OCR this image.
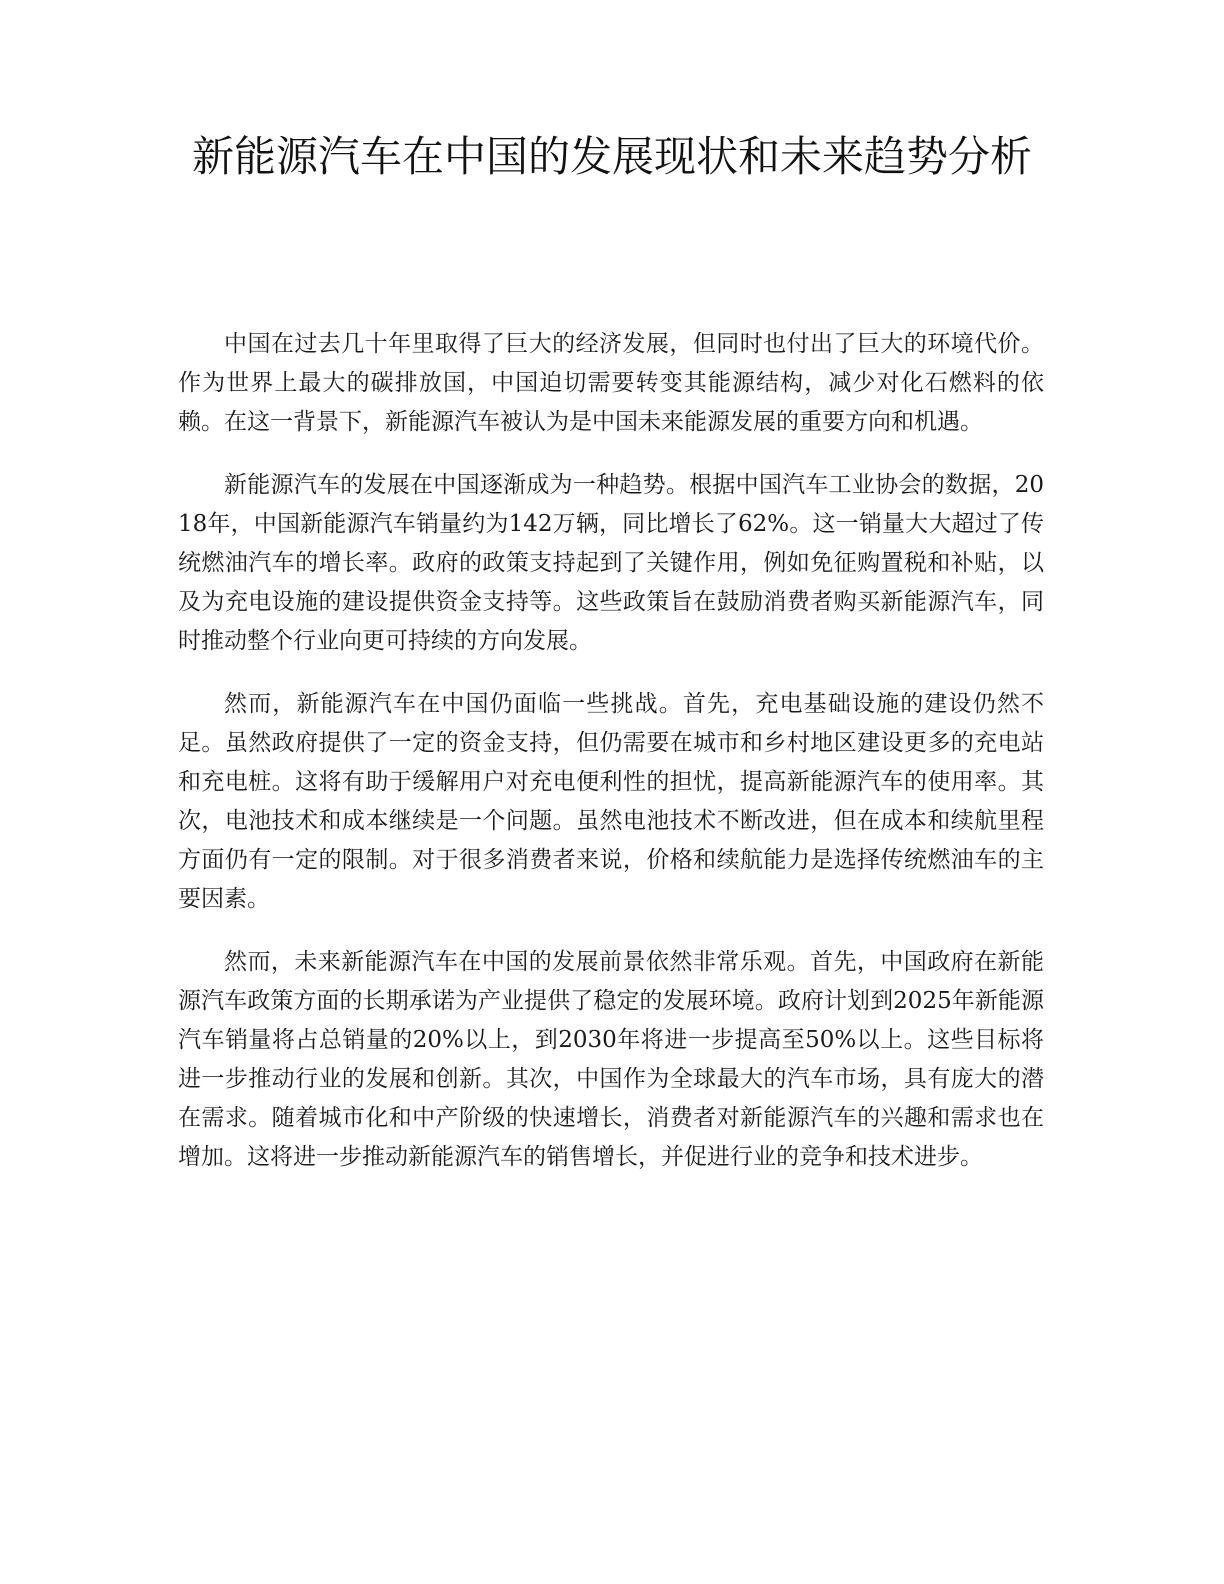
新能源汽车在中国的发展现状和未来趋势分析

中国在过去几十年里取得了巨大的经济发展，但同时也付出了巨大的环境代价。作为世界上最大的碳排放国，中国迫切需要转变其能源结构，减少对化石燃料的依赖。在这一背景下，新能源汽车被认为是中国未来能源发展的重要方向和机遇。

新能源汽车的发展在中国逐渐成为一种趋势。根据中国汽车工业协会的数据，2018年，中国新能源汽车销量约为142万辆，同比增长了62%。这一销量大大超过了传统燃油汽车的增长率。政府的政策支持起到了关键作用，例如免征购置税和补贴，以及为充电设施的建设提供资金支持等。这些政策旨在鼓励消费者购买新能源汽车，同时推动整个行业向更可持续的方向发展。

然而，新能源汽车在中国仍面临一些挑战。首先，充电基础设施的建设仍然不足。虽然政府提供了一定的资金支持，但仍需要在城市和乡村地区建设更多的充电站和充电桩。这将有助于缓解用户对充电便利性的担忧，提高新能源汽车的使用率。其次，电池技术和成本继续是一个问题。虽然电池技术不断改进，但在成本和续航里程方面仍有一定的限制。对于很多消费者来说，价格和续航能力是选择传统燃油车的主要因素。

然而，未来新能源汽车在中国的发展前景依然非常乐观。首先，中国政府在新能源汽车政策方面的长期承诺为产业提供了稳定的发展环境。政府计划到2025年新能源汽车销量将占总销量的20%以上，到2030年将进一步提高至50%以上。这些目标将进一步推动行业的发展和创新。其次，中国作为全球最大的汽车市场，具有庞大的潜在需求。随着城市化和中产阶级的快速增长，消费者对新能源汽车的兴趣和需求也在增加。这将进一步推动新能源汽车的销售增长，并促进行业的竞争和技术进步。
